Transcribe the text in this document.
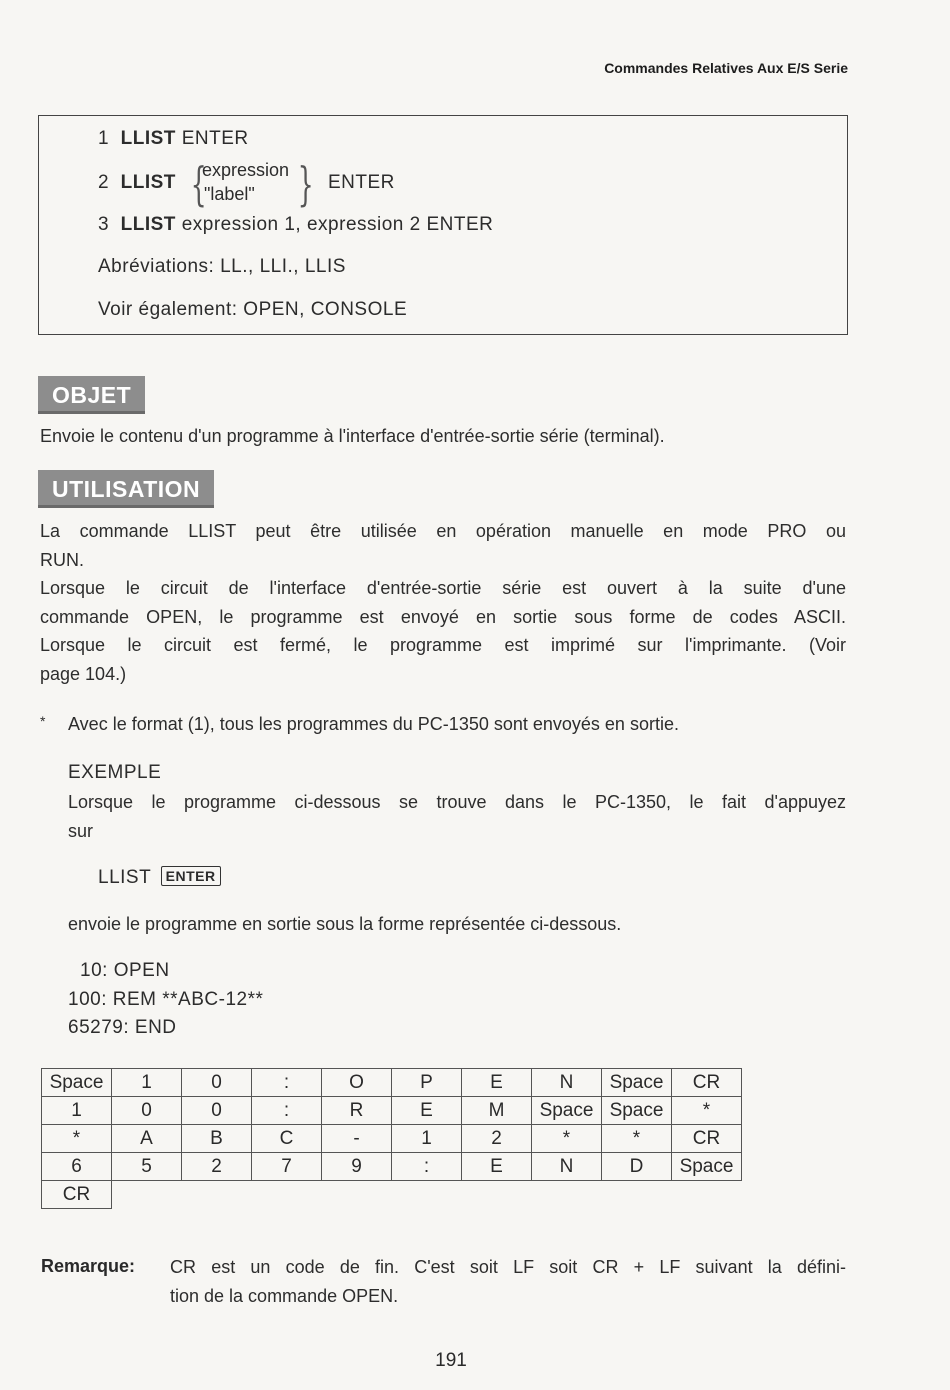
Commandes Relatives Aux E/S Serie
1 LLIST ENTER
2 LLIST {
expression
"label" } ENTER
3 LLIST expression 1, expression 2 ENTER
Abréviations: LL., LLI., LLIS
Voir également: OPEN, CONSOLE
OBJET
Envoie le contenu d'un programme à l'interface d'entrée-sortie série (terminal).
UTILISATION
La commande LLIST peut être utilisée en opération manuelle en mode PRO ou
RUN.
Lorsque le circuit de l'interface d'entrée-sortie série est ouvert à la suite d'une
commande OPEN, le programme est envoyé en sortie sous forme de codes ASCII.
Lorsque le circuit est fermé, le programme est imprimé sur l'imprimante. (Voir
page 104.)
* Avec le format (1), tous les programmes du PC-1350 sont envoyés en sortie.
EXEMPLE
Lorsque le programme ci-dessous se trouve dans le PC-1350, le fait d'appuyez
sur
LLIST ENTER
envoie le programme en sortie sous la forme représentée ci-dessous.
10: OPEN
100: REM **ABC-12**
65279: END
Space	1	0	:	O	P	E	N	Space	CR
1	0	0	:	R	E	M	Space	Space	*
*	A	B	C	-	1	2	*	*	CR
6	5	2	7	9	:	E	N	D	Space
CR									
Remarque: CR est un code de fin. C'est soit LF soit CR + LF suivant la défini-
tion de la commande OPEN.
191
